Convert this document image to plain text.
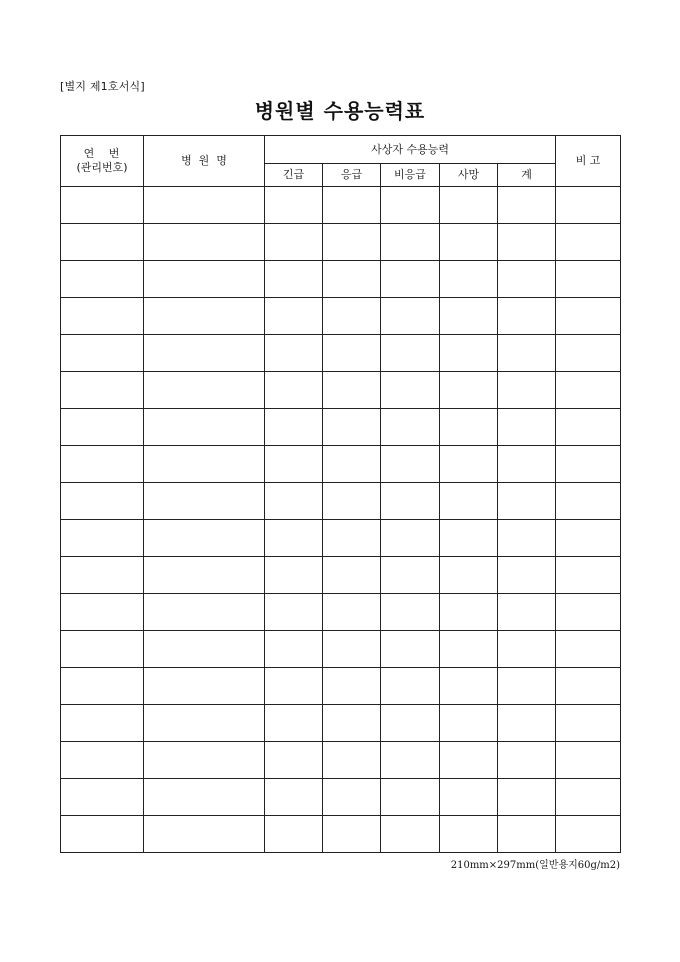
[별지 제1호서식]
병원별 수용능력표
연   번
(관리번호)	병  원  명	사상자 수용능력					비 고
		긴급	응급	비응급	사망	계	

210mm×297mm(일반용지60g/m2)
